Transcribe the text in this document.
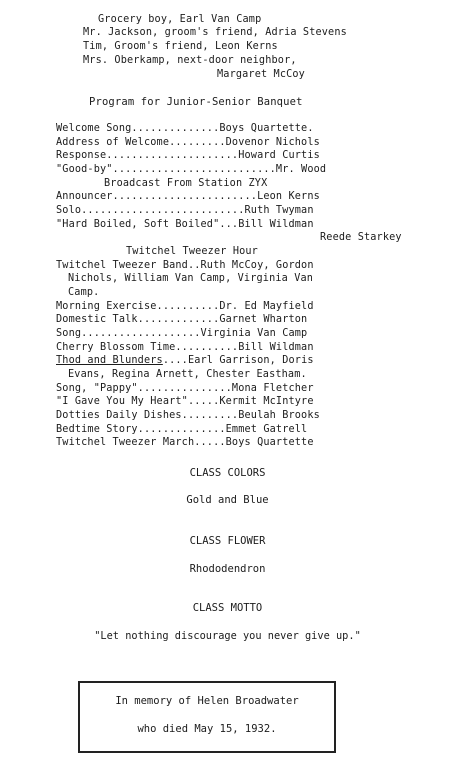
Grocery boy, Earl Van Camp
Mr. Jackson, groom's friend, Adria Stevens
Tim, Groom's friend, Leon Kerns
Mrs. Oberkamp, next-door neighbor,
Margaret McCoy
Program for Junior-Senior Banquet
Welcome Song..............Boys Quartette.
Address of Welcome.........Dovenor Nichols
Response.....................Howard Curtis
"Good-by"..........................Mr. Wood
Broadcast From Station ZYX
Announcer.......................Leon Kerns
Solo..........................Ruth Twyman
"Hard Boiled, Soft Boiled"...Bill Wildman
Reede Starkey
Twitchel Tweezer Hour
Twitchel Tweezer Band..Ruth McCoy, Gordon
Nichols, William Van Camp, Virginia Van
Camp.
Morning Exercise..........Dr. Ed Mayfield
Domestic Talk.............Garnet Wharton
Song...................Virginia Van Camp
Cherry Blossom Time..........Bill Wildman
Thod and Blunders....Earl Garrison, Doris
Evans, Regina Arnett, Chester Eastham.
Song, "Pappy"...............Mona Fletcher
"I Gave You My Heart".....Kermit McIntyre
Dotties Daily Dishes.........Beulah Brooks
Bedtime Story..............Emmet Gatrell
Twitchel Tweezer March.....Boys Quartette
CLASS COLORS
Gold and Blue
CLASS FLOWER
Rhododendron
CLASS MOTTO
"Let nothing discourage you never give up."
In memory of Helen Broadwater
who died May 15, 1932.
